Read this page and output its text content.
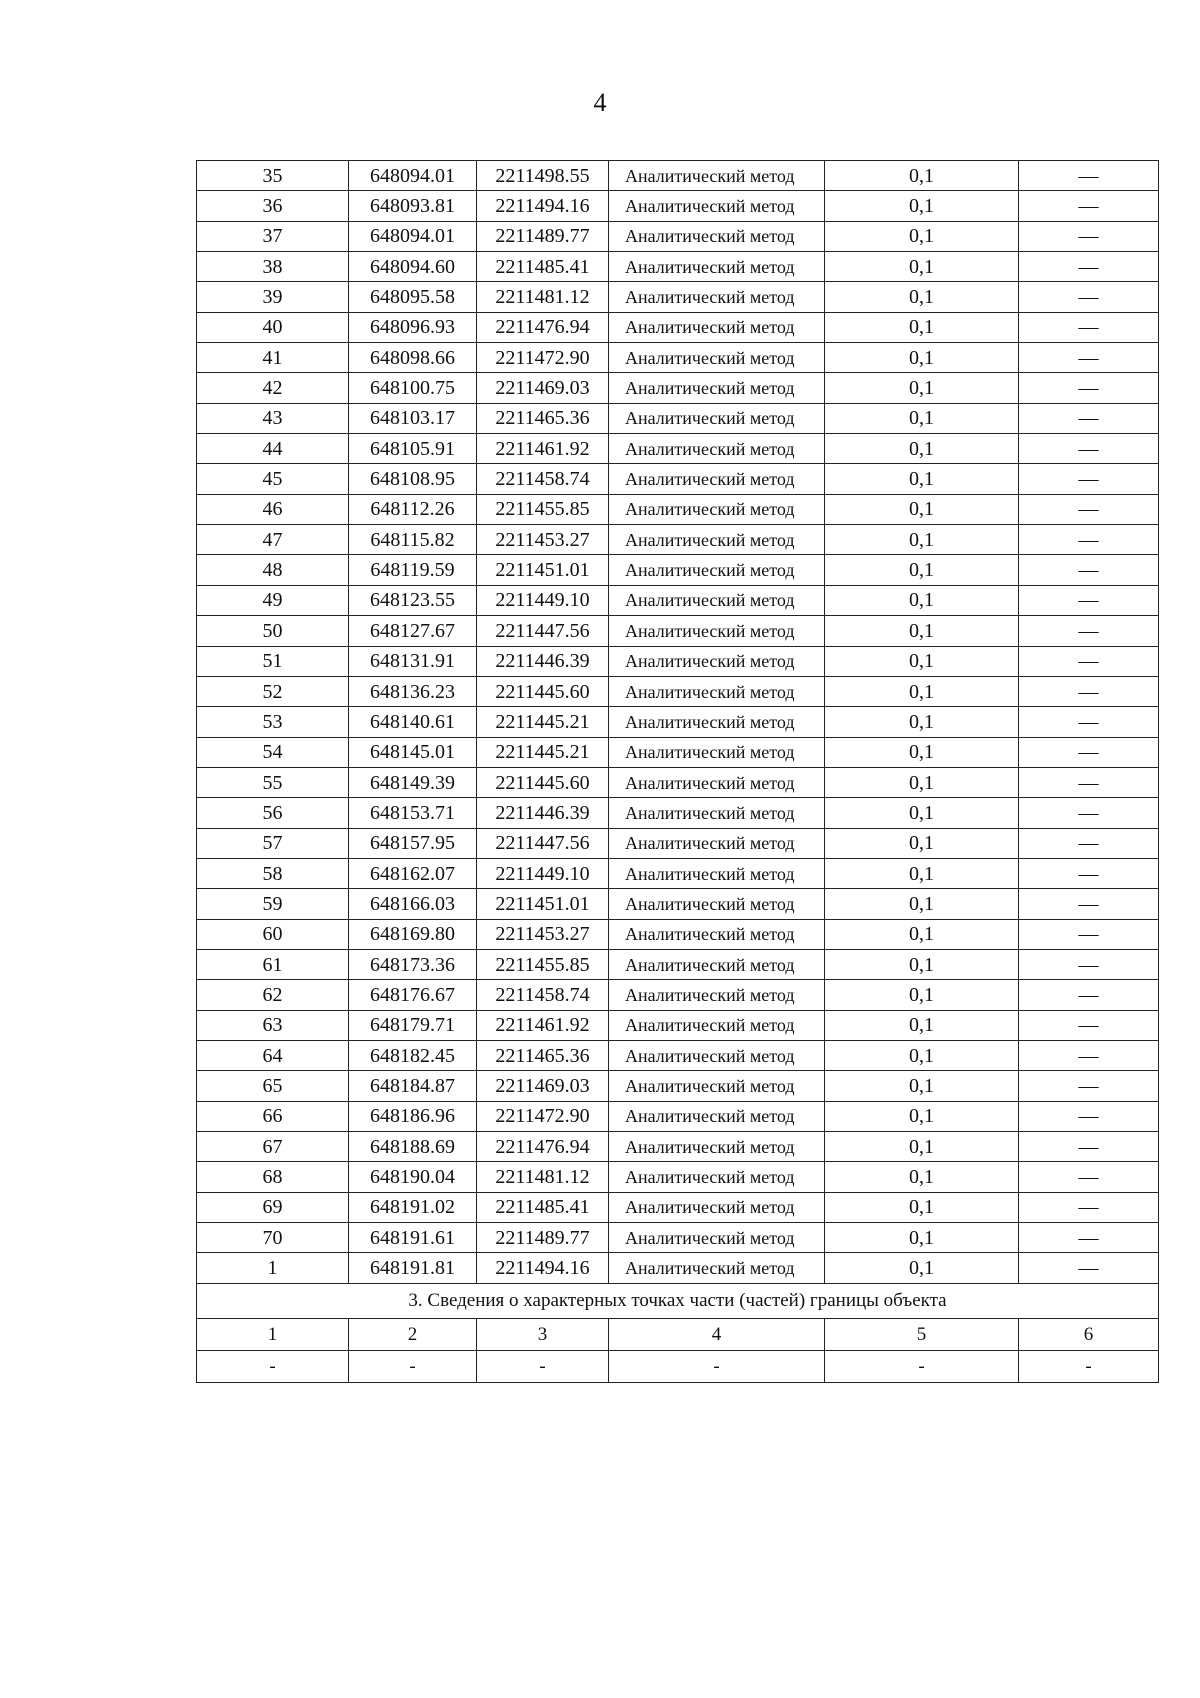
4
35	648094.01	2211498.55	Аналитический метод	0,1	—
36	648093.81	2211494.16	Аналитический метод	0,1	—
37	648094.01	2211489.77	Аналитический метод	0,1	—
38	648094.60	2211485.41	Аналитический метод	0,1	—
39	648095.58	2211481.12	Аналитический метод	0,1	—
40	648096.93	2211476.94	Аналитический метод	0,1	—
41	648098.66	2211472.90	Аналитический метод	0,1	—
42	648100.75	2211469.03	Аналитический метод	0,1	—
43	648103.17	2211465.36	Аналитический метод	0,1	—
44	648105.91	2211461.92	Аналитический метод	0,1	—
45	648108.95	2211458.74	Аналитический метод	0,1	—
46	648112.26	2211455.85	Аналитический метод	0,1	—
47	648115.82	2211453.27	Аналитический метод	0,1	—
48	648119.59	2211451.01	Аналитический метод	0,1	—
49	648123.55	2211449.10	Аналитический метод	0,1	—
50	648127.67	2211447.56	Аналитический метод	0,1	—
51	648131.91	2211446.39	Аналитический метод	0,1	—
52	648136.23	2211445.60	Аналитический метод	0,1	—
53	648140.61	2211445.21	Аналитический метод	0,1	—
54	648145.01	2211445.21	Аналитический метод	0,1	—
55	648149.39	2211445.60	Аналитический метод	0,1	—
56	648153.71	2211446.39	Аналитический метод	0,1	—
57	648157.95	2211447.56	Аналитический метод	0,1	—
58	648162.07	2211449.10	Аналитический метод	0,1	—
59	648166.03	2211451.01	Аналитический метод	0,1	—
60	648169.80	2211453.27	Аналитический метод	0,1	—
61	648173.36	2211455.85	Аналитический метод	0,1	—
62	648176.67	2211458.74	Аналитический метод	0,1	—
63	648179.71	2211461.92	Аналитический метод	0,1	—
64	648182.45	2211465.36	Аналитический метод	0,1	—
65	648184.87	2211469.03	Аналитический метод	0,1	—
66	648186.96	2211472.90	Аналитический метод	0,1	—
67	648188.69	2211476.94	Аналитический метод	0,1	—
68	648190.04	2211481.12	Аналитический метод	0,1	—
69	648191.02	2211485.41	Аналитический метод	0,1	—
70	648191.61	2211489.77	Аналитический метод	0,1	—
1	648191.81	2211494.16	Аналитический метод	0,1	—
3. Сведения о характерных точках части (частей) границы объекта					
1	2	3	4	5	6
-	-	-	-	-	-
